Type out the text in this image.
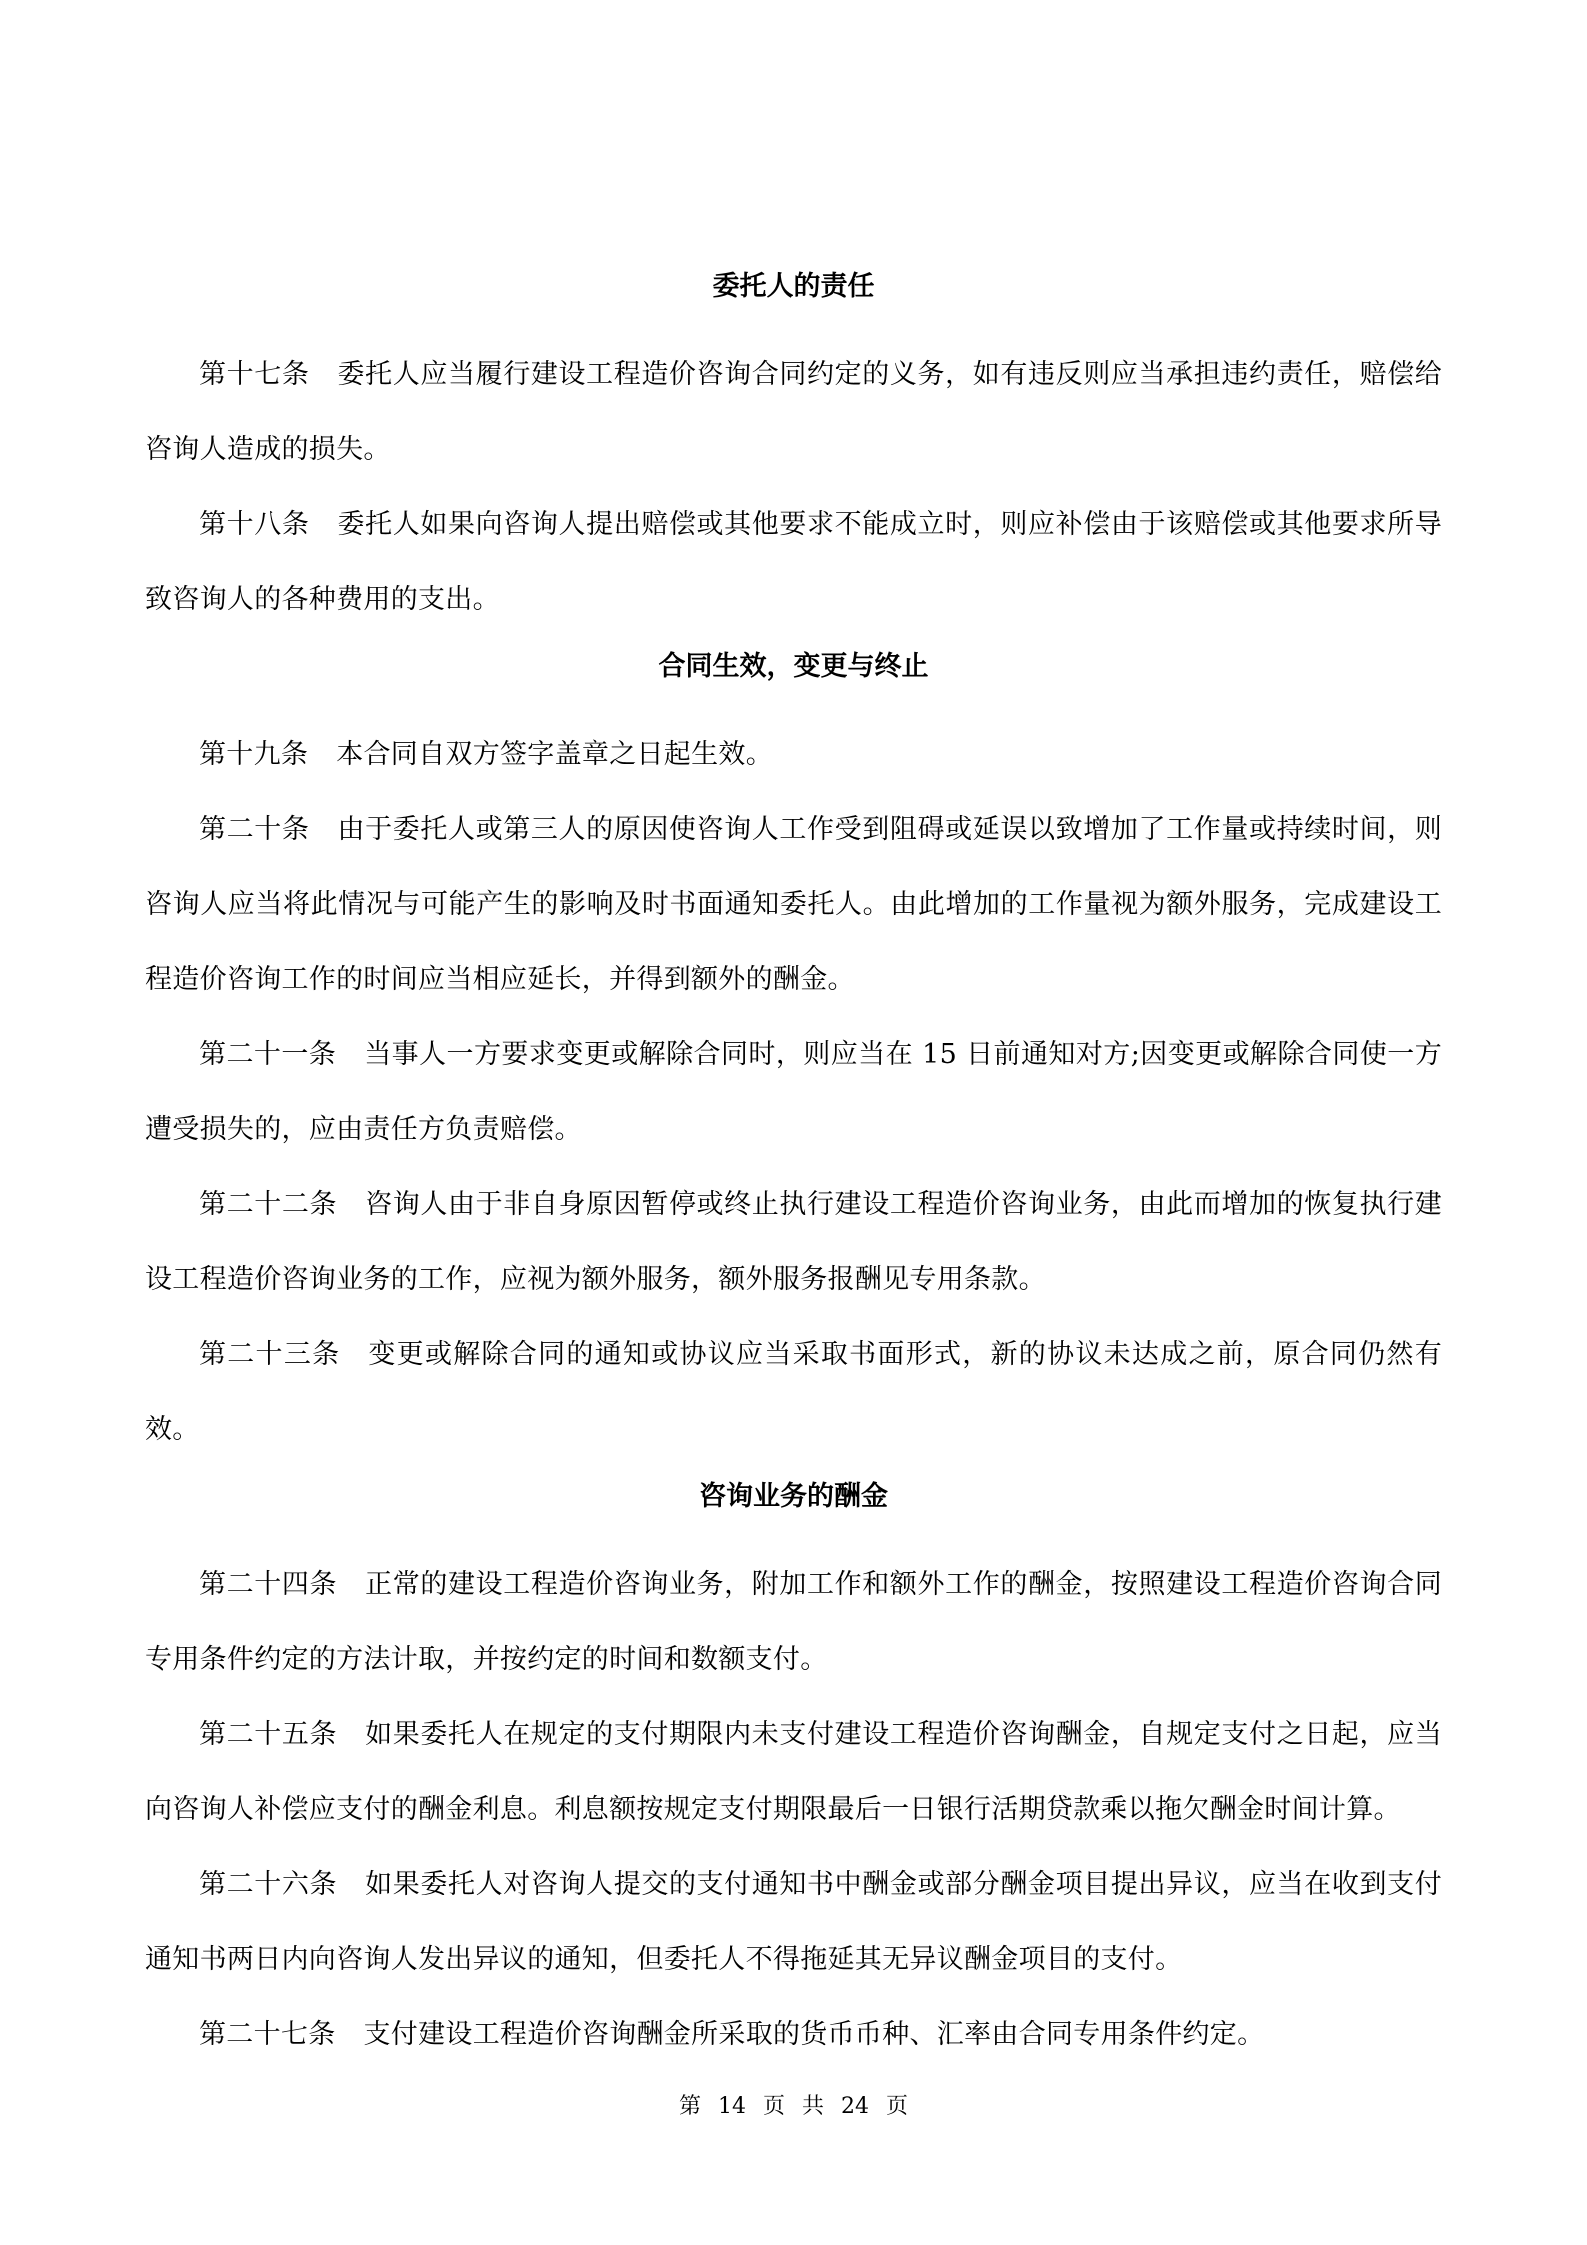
委托人的责任

第十七条 委托人应当履行建设工程造价咨询合同约定的义务，如有违反则应当承担违约责任，赔偿给咨询人造成的损失。

第十八条 委托人如果向咨询人提出赔偿或其他要求不能成立时，则应补偿由于该赔偿或其他要求所导致咨询人的各种费用的支出。

合同生效，变更与终止

第十九条 本合同自双方签字盖章之日起生效。

第二十条 由于委托人或第三人的原因使咨询人工作受到阻碍或延误以致增加了工作量或持续时间，则咨询人应当将此情况与可能产生的影响及时书面通知委托人。由此增加的工作量视为额外服务，完成建设工程造价咨询工作的时间应当相应延长，并得到额外的酬金。

第二十一条 当事人一方要求变更或解除合同时，则应当在 15 日前通知对方;因变更或解除合同使一方遭受损失的，应由责任方负责赔偿。

第二十二条 咨询人由于非自身原因暂停或终止执行建设工程造价咨询业务，由此而增加的恢复执行建设工程造价咨询业务的工作，应视为额外服务，额外服务报酬见专用条款。

第二十三条 变更或解除合同的通知或协议应当采取书面形式，新的协议未达成之前，原合同仍然有效。

咨询业务的酬金

第二十四条 正常的建设工程造价咨询业务，附加工作和额外工作的酬金，按照建设工程造价咨询合同专用条件约定的方法计取，并按约定的时间和数额支付。

第二十五条 如果委托人在规定的支付期限内未支付建设工程造价咨询酬金，自规定支付之日起，应当向咨询人补偿应支付的酬金利息。利息额按规定支付期限最后一日银行活期贷款乘以拖欠酬金时间计算。

第二十六条 如果委托人对咨询人提交的支付通知书中酬金或部分酬金项目提出异议，应当在收到支付通知书两日内向咨询人发出异议的通知，但委托人不得拖延其无异议酬金项目的支付。

第二十七条 支付建设工程造价咨询酬金所采取的货币币种、汇率由合同专用条件约定。

第 14 页 共 24 页
